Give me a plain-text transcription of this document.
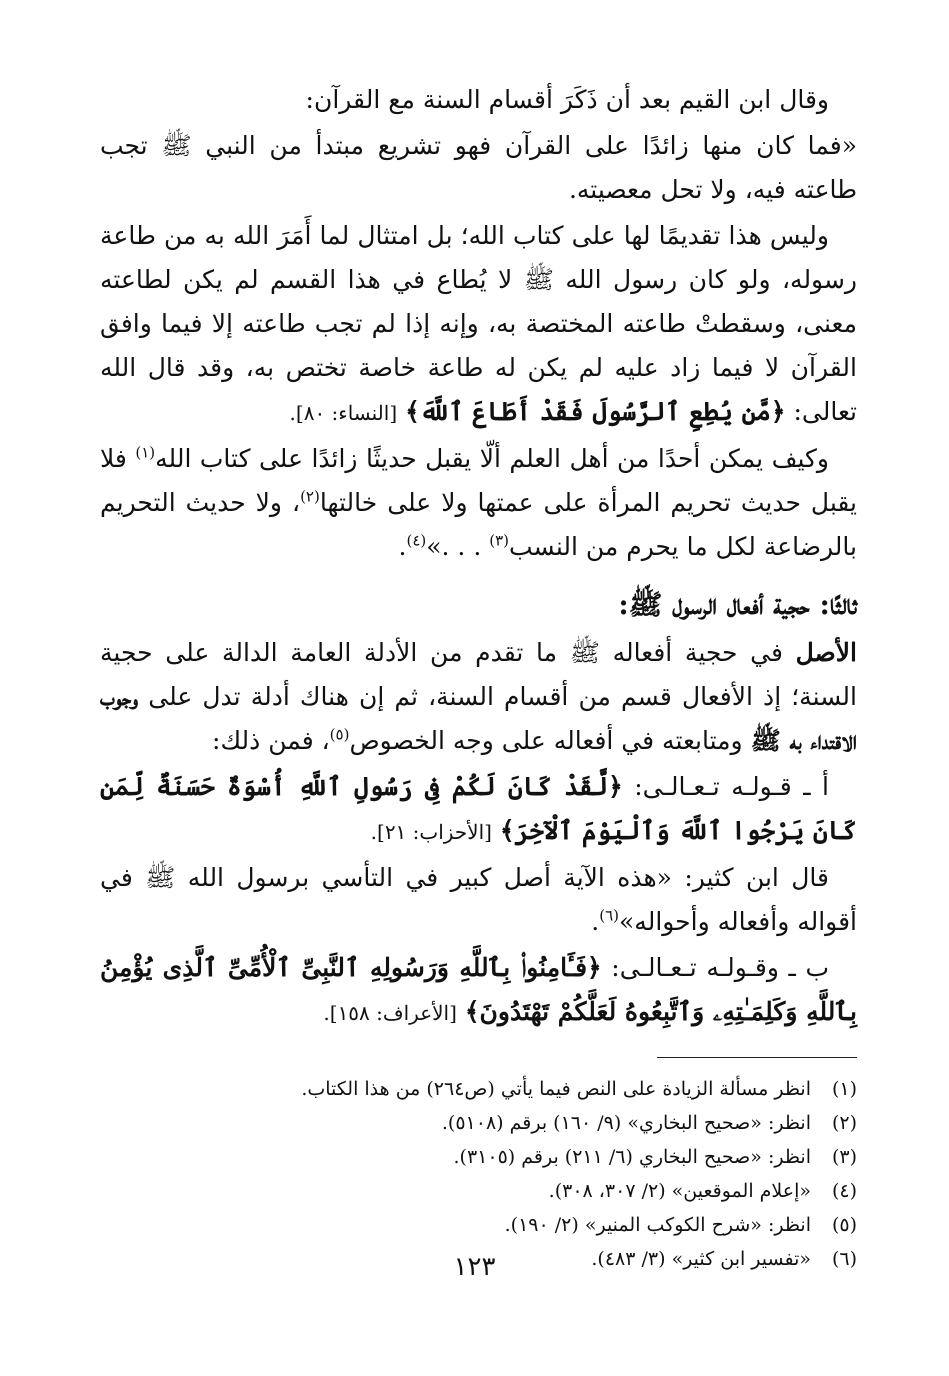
وقال ابن القيم بعد أن ذَكَرَ أقسام السنة مع القرآن:

«فما كان منها زائدًا على القرآن فهو تشريع مبتدأ من النبي ﷺ تجب طاعته فيه، ولا تحل معصيته.

وليس هذا تقديمًا لها على كتاب الله؛ بل امتثال لما أَمَرَ الله به من طاعة رسوله، ولو كان رسول الله ﷺ لا يُطاع في هذا القسم لم يكن لطاعته معنى، وسقطتْ طاعته المختصة به، وإنه إذا لم تجب طاعته إلا فيما وافق القرآن لا فيما زاد عليه لم يكن له طاعة خاصة تختص به، وقد قال الله تعالى: ﴿مَّن يُطِعِ ٱلرَّسُولَ فَقَدْ أَطَاعَ ٱللَّهَ﴾ [النساء: ٨٠].

وكيف يمكن أحدًا من أهل العلم ألّا يقبل حديثًا زائدًا على كتاب الله$^{(١)}$ فلا يقبل حديث تحريم المرأة على عمتها ولا على خالتها$^{(٢)}$، ولا حديث التحريم بالرضاعة لكل ما يحرم من النسب$^{(٣)}$ . . .»$^{(٤)}$.

ثالثًا: حجية أفعال الرسول ﷺ:

الأصل في حجية أفعاله ﷺ ما تقدم من الأدلة العامة الدالة على حجية السنة؛ إذ الأفعال قسم من أقسام السنة، ثم إن هناك أدلة تدل على وجوب الاقتداء به ﷺ ومتابعته في أفعاله على وجه الخصوص$^{(٥)}$، فمن ذلك:

أ ـ قـولـه تـعـالـى: ﴿لَّقَدْ كَانَ لَكُمْ فِى رَسُولِ ٱللَّهِ أُسْوَةٌ حَسَنَةٌ لِّمَن كَانَ يَرْجُوا ٱللَّهَ وَٱلْيَوْمَ ٱلْآخِرَ﴾ [الأحزاب: ٢١].

قال ابن كثير: «هذه الآية أصل كبير في التأسي برسول الله ﷺ في أقواله وأفعاله وأحواله»$^{(٦)}$.

ب ـ وقـولـه تـعـالـى: ﴿فَـَٔامِنُوا۟ بِٱللَّهِ وَرَسُولِهِ ٱلنَّبِىِّ ٱلْأُمِّىِّ ٱلَّذِى يُؤْمِنُ بِٱللَّهِ وَكَلِمَـٰتِهِۦ وَٱتَّبِعُوهُ لَعَلَّكُمْ تَهْتَدُونَ﴾ [الأعراف: ١٥٨].

(١)
انظر مسألة الزيادة على النص فيما يأتي (ص٢٦٤) من هذا الكتاب.
(٢)
انظر: «صحيح البخاري» (٩/ ١٦٠) برقم (٥١٠٨).
(٣)
انظر: «صحيح البخاري (٦/ ٢١١) برقم (٣١٠٥).
(٤)
«إعلام الموقعين» (٢/ ٣٠٧، ٣٠٨).
(٥)
انظر: «شرح الكوكب المنير» (٢/ ١٩٠).
(٦)
«تفسير ابن كثير» (٣/ ٤٨٣).
١٢٣
